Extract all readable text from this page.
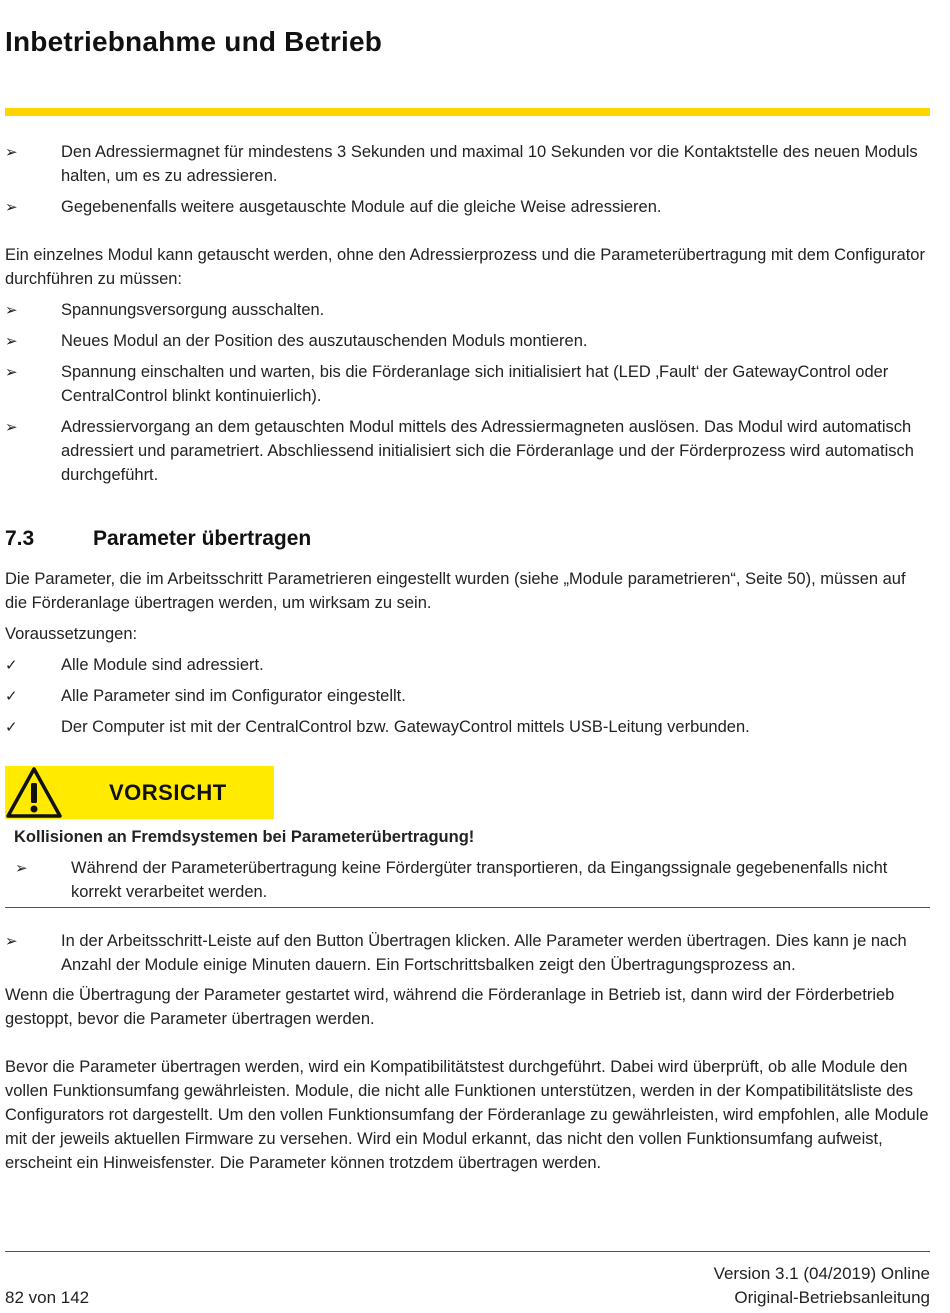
Inbetriebnahme und Betrieb
➢	Den Adressiermagnet für mindestens 3 Sekunden und maximal 10 Sekunden vor die Kontaktstelle des neuen Moduls halten, um es zu adressieren.
➢	Gegebenenfalls weitere ausgetauschte Module auf die gleiche Weise adressieren.

Ein einzelnes Modul kann getauscht werden, ohne den Adressierprozess und die Parameterübertragung mit dem Configurator durchführen zu müssen:

➢	Spannungsversorgung ausschalten.
➢	Neues Modul an der Position des auszutauschenden Moduls montieren.
➢	Spannung einschalten und warten, bis die Förderanlage sich initialisiert hat (LED ‚Fault‘ der GatewayControl oder CentralControl blinkt kontinuierlich).
➢	Adressiervorgang an dem getauschten Modul mittels des Adressiermagneten auslösen. Das Modul wird automatisch adressiert und parametriert. Abschliessend initialisiert sich die Förderanlage und der Förderprozess wird automatisch durchgeführt.
7.3	Parameter übertragen

Die Parameter, die im Arbeitsschritt Parametrieren eingestellt wurden (siehe „Module parametrieren“, Seite 50), müssen auf die Förderanlage übertragen werden, um wirksam zu sein.

Voraussetzungen:

✓	Alle Module sind adressiert.
✓	Alle Parameter sind im Configurator eingestellt.
✓	Der Computer ist mit der CentralControl bzw. GatewayControl mittels USB-Leitung verbunden.
VORSICHT

Kollisionen an Fremdsystemen bei Parameterübertragung!

➢	Während der Parameterübertragung keine Fördergüter transportieren, da Eingangssignale gegebenenfalls nicht korrekt verarbeitet werden.
➢	In der Arbeitsschritt-Leiste auf den Button Übertragen klicken. Alle Parameter werden übertragen. Dies kann je nach Anzahl der Module einige Minuten dauern. Ein Fortschrittsbalken zeigt den Übertragungsprozess an.

Wenn die Übertragung der Parameter gestartet wird, während die Förderanlage in Betrieb ist, dann wird der Förderbetrieb gestoppt, bevor die Parameter übertragen werden.

Bevor die Parameter übertragen werden, wird ein Kompatibilitätstest durchgeführt. Dabei wird überprüft, ob alle Module den vollen Funktionsumfang gewährleisten. Module, die nicht alle Funktionen unterstützen, werden in der Kompatibilitätsliste des Configurators rot dargestellt. Um den vollen Funktionsumfang der Förderanlage zu gewährleisten, wird empfohlen, alle Module mit der jeweils aktuellen Firmware zu versehen. Wird ein Modul erkannt, das nicht den vollen Funktionsumfang aufweist, erscheint ein Hinweisfenster. Die Parameter können trotzdem übertragen werden.

82 von 142
Version 3.1 (04/2019) Online
Original-Betriebsanleitung
